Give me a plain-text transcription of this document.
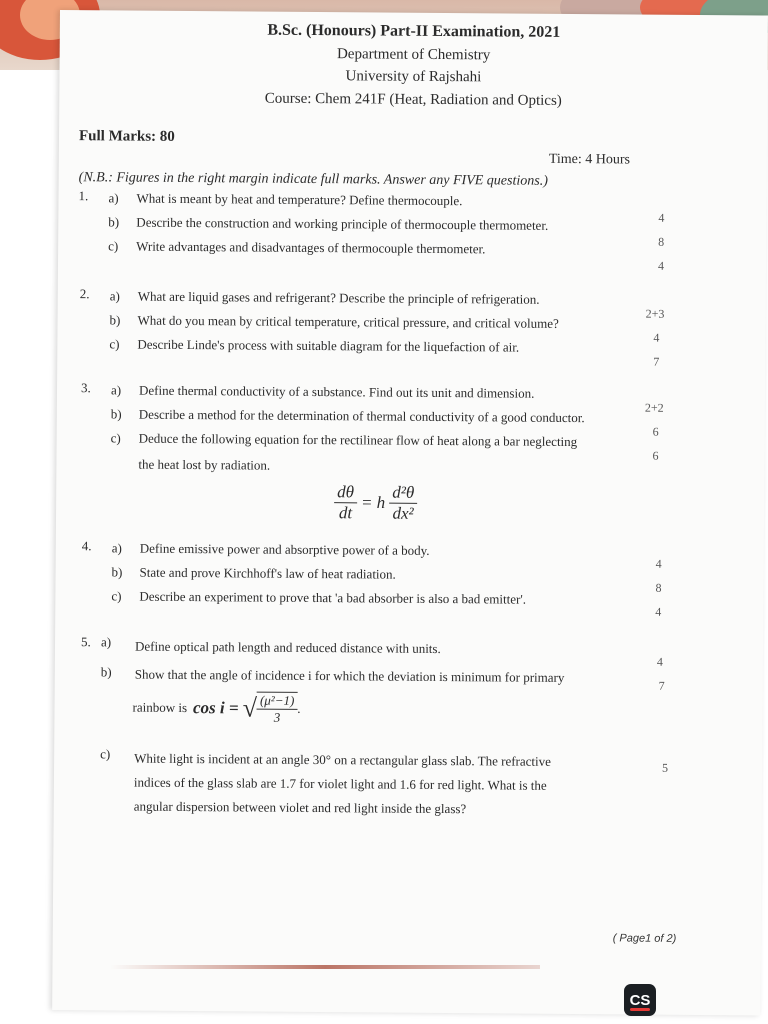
B.Sc. (Honours) Part-II Examination, 2021
Department of Chemistry
University of Rajshahi
Course: Chem 241F (Heat, Radiation and Optics)
Full Marks: 80
Time: 4 Hours
(N.B.: Figures in the right margin indicate full marks. Answer any FIVE questions.)
1. a) What is meant by heat and temperature? Define thermocouple.
4
b) Describe the construction and working principle of thermocouple thermometer.
8
c) Write advantages and disadvantages of thermocouple thermometer.
4
2. a) What are liquid gases and refrigerant? Describe the principle of refrigeration.
2+3
b) What do you mean by critical temperature, critical pressure, and critical volume?
4
c) Describe Linde's process with suitable diagram for the liquefaction of air.
7
3. a) Define thermal conductivity of a substance. Find out its unit and dimension.
2+2
b) Describe a method for the determination of thermal conductivity of a good conductor.
6
c) Deduce the following equation for the rectilinear flow of heat along a bar neglecting
6
the heat lost by radiation.
$\frac{d\theta}{dt} = h \frac{\text{d²θ}}{\text{dx²}}$
4. a) Define emissive power and absorptive power of a body.
4
b) State and prove Kirchhoff's law of heat radiation.
8
c) Describe an experiment to prove that 'a bad absorber is also a bad emitter'.
4
5. a) Define optical path length and reduced distance with units.
4
b) Show that the angle of incidence i for which the deviation is minimum for primary
7
rainbow is cos i = √ $\frac{\text{(μ²−1)}}{3}$ .
c) White light is incident at an angle 30° on a rectangular glass slab. The refractive	5
indices of the glass slab are 1.7 for violet light and 1.6 for red light. What is the
angular dispersion between violet and red light inside the glass?
( Page1 of 2)
CS
